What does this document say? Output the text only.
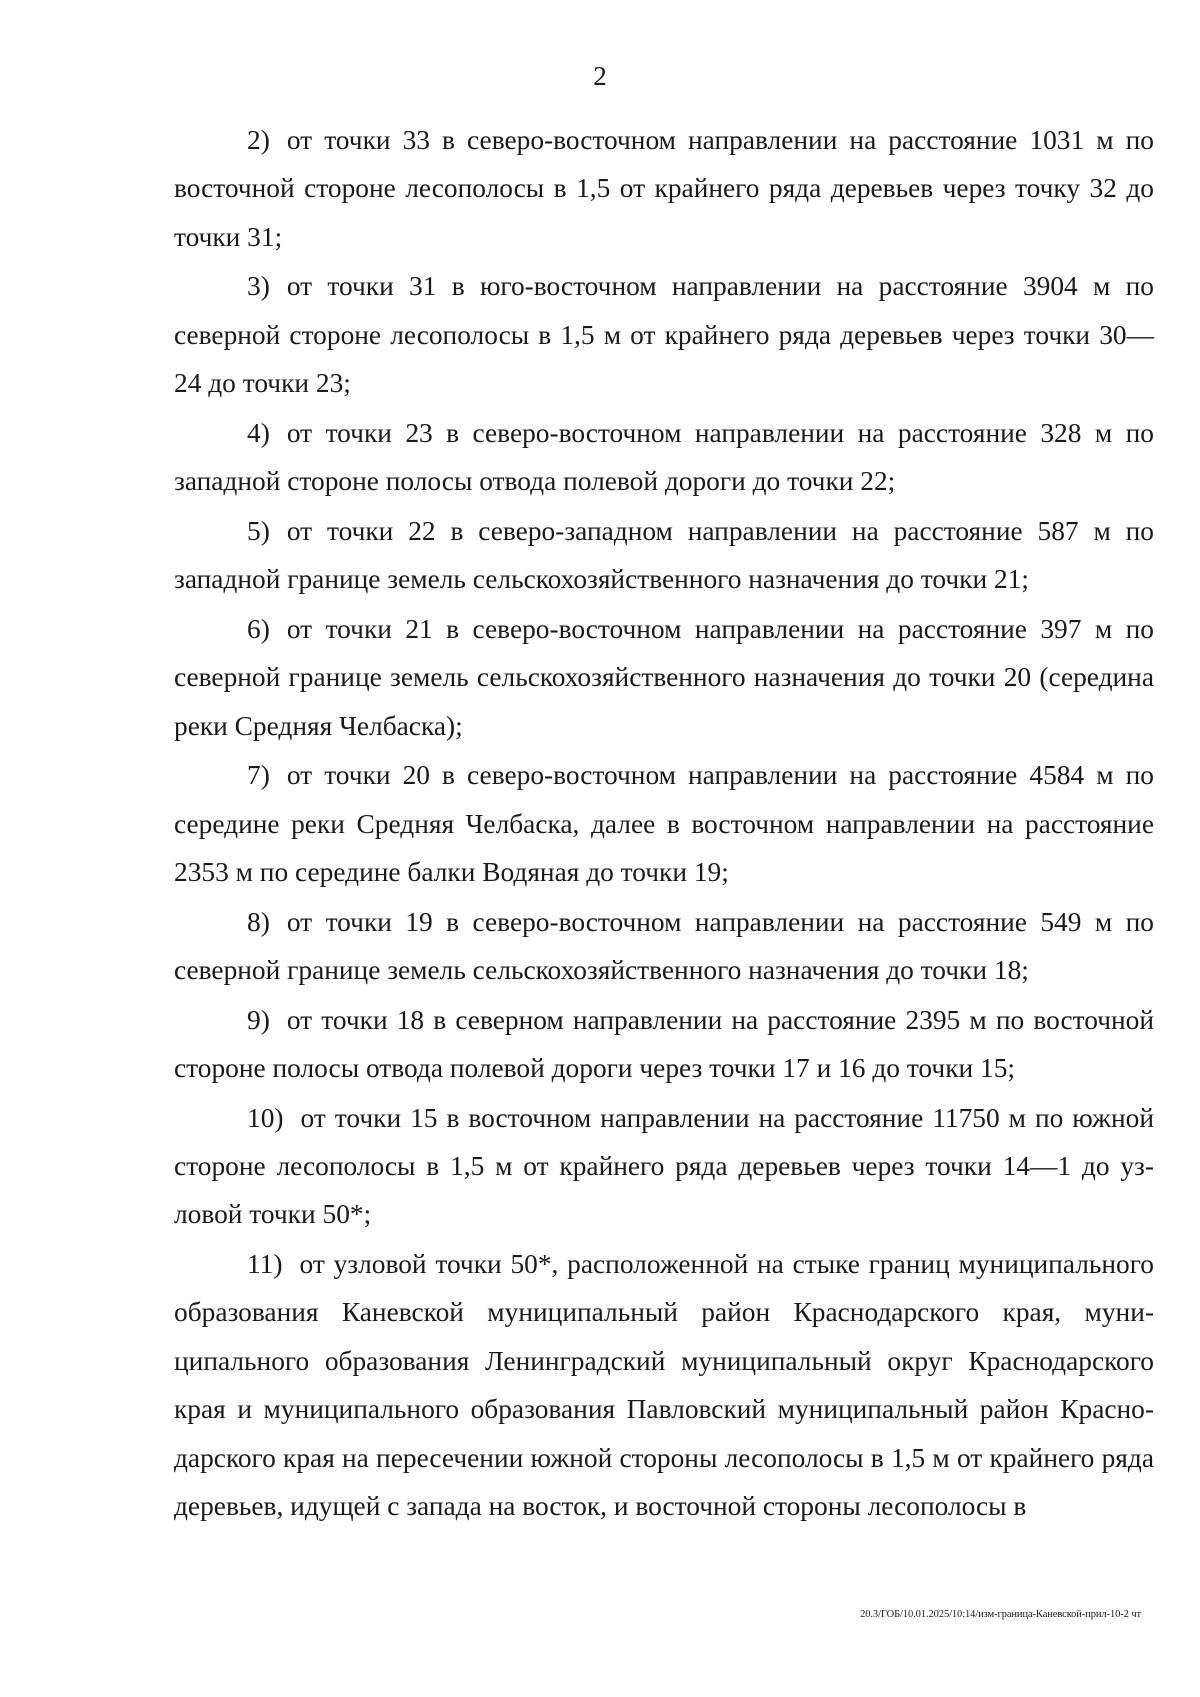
2

2) от точки 33 в северо-восточном направлении на расстояние 1031 м по восточной стороне лесополосы в 1,5 от крайнего ряда деревьев через точку 32 до точки 31;

3) от точки 31 в юго-восточном направлении на расстояние 3904 м по северной стороне лесополосы в 1,5 м от крайнего ряда деревьев через точки 30—24 до точки 23;

4) от точки 23 в северо-восточном направлении на расстояние 328 м по западной стороне полосы отвода полевой дороги до точки 22;

5) от точки 22 в северо-западном направлении на расстояние 587 м по западной границе земель сельскохозяйственного назначения до точки 21;

6) от точки 21 в северо-восточном направлении на расстояние 397 м по северной границе земель сельскохозяйственного назначения до точки 20 (середина реки Средняя Челбаска);

7) от точки 20 в северо-восточном направлении на расстояние 4584 м по середине реки Средняя Челбаска, далее в восточном направлении на расстояние 2353 м по середине балки Водяная до точки 19;

8) от точки 19 в северо-восточном направлении на расстояние 549 м по северной границе земель сельскохозяйственного назначения до точки 18;

9) от точки 18 в северном направлении на расстояние 2395 м по восточной стороне полосы отвода полевой дороги через точки 17 и 16 до точки 15;

10) от точки 15 в восточном направлении на расстояние 11750 м по южной стороне лесополосы в 1,5 м от крайнего ряда деревьев через точки 14—1 до узловой точки 50*;

11) от узловой точки 50*, расположенной на стыке границ муниципального образования Каневской муниципальный район Краснодарского края, муниципального образования Ленинградский муниципальный округ Краснодарского края и муниципального образования Павловский муниципальный район Краснодарского края на пересечении южной стороны лесополосы в 1,5 м от крайнего ряда деревьев, идущей с запада на восток, и восточной стороны лесополосы в

20.3/ГОБ/10.01.2025/10:14/изм-граница-Каневской-прил-10-2 чт
